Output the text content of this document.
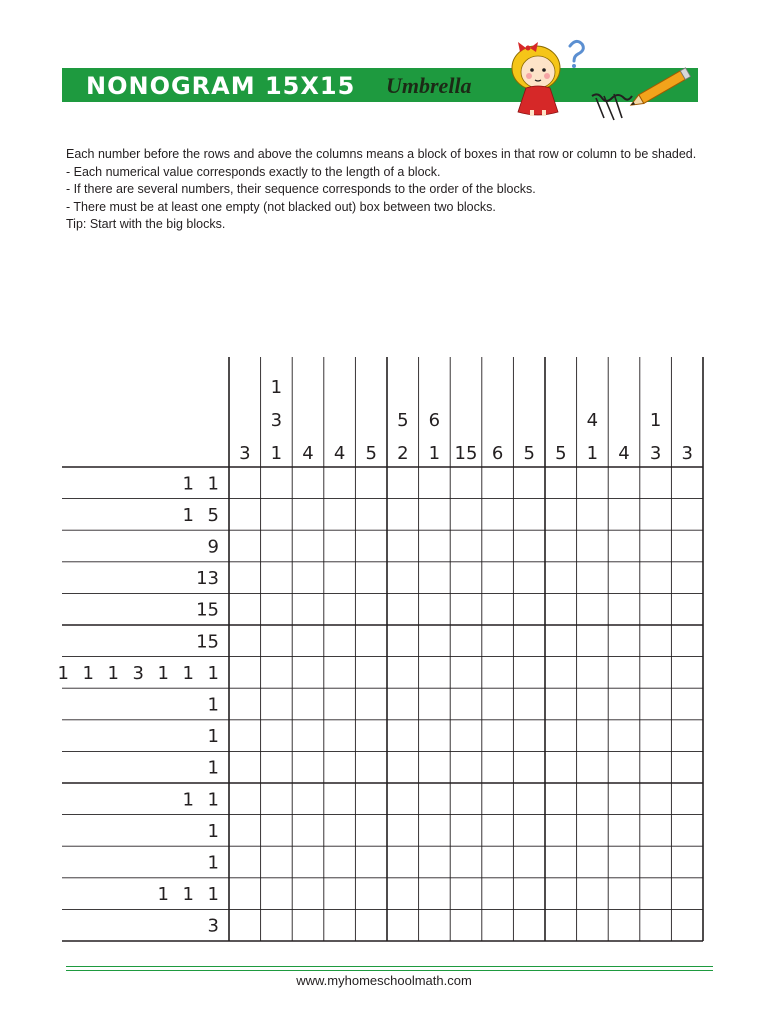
NONOGRAM 15X15 Umbrella

Each number before the rows and above the columns means a block of boxes in that row or column to be shaded.

- Each numerical value corresponds exactly to the length of a block.

- If there are several numbers, their sequence corresponds to the order of the blocks.

- There must be at least one empty (not blacked out) box between two blocks.

Tip: Start with the big blocks.

3
1
3
1 4 4 5
5
2
6
1 15 6 5 5
4
1 4
1
3 3
1 1
1 5
9
13
15
15
1 1 1 3 1 1 1
1
1
1
1 1
1
1
1 1 1
3
www.myhomeschoolmath.com
